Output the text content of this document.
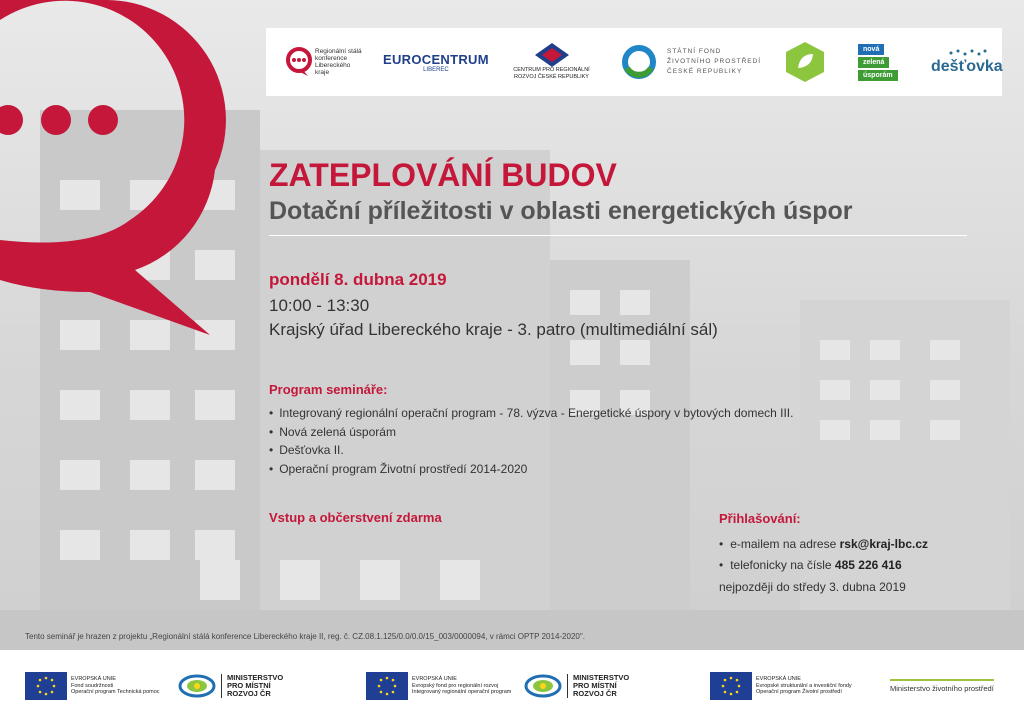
Regionální stálá konference Libereckého kraje
EUROCENTRUM
LIBEREC	CENTRUM PRO REGIONÁLNÍ ROZVOJ ČESKÉ REPUBLIKY
STÁTNÍ FOND
ŽIVOTNÍHO PROSTŘEDÍ
ČESKÉ REPUBLIKY
nová
zelená
úsporám	dešťovka
ZATEPLOVÁNÍ BUDOV
Dotační příležitosti v oblasti energetických úspor
pondělí 8. dubna 2019
10:00 - 13:30
Krajský úřad Libereckého kraje - 3. patro (multimediální sál)
Program semináře:
• Integrovaný regionální operační program - 78. výzva - Energetické úspory v bytových domech III.
• Nová zelená úsporám
• Dešťovka II.
• Operační program Životní prostředí 2014-2020
Vstup a občerstvení zdarma	Přihlašování:
• e-mailem na adrese rsk@kraj-lbc.cz
• telefonicky na čísle 485 226 416
nejpozději do středy 3. dubna 2019
Tento seminář je hrazen z projektu „Regionální stálá konference Libereckého kraje II, reg. č. CZ.08.1.125/0.0/0.0/15_003/0000094, v rámci OPTP 2014-2020".
EVROPSKÁ UNIE
Fond soudržnosti
Operační program Technická pomoc
MINISTERSTVO
PRO MÍSTNÍ
ROZVOJ ČR
EVROPSKÁ UNIE
Evropský fond pro regionální rozvoj
Integrovaný regionální operační program
MINISTERSTVO
PRO MÍSTNÍ
ROZVOJ ČR
EVROPSKÁ UNIE
Evropské strukturální a investiční fondy
Operační program Životní prostředí	Ministerstvo životního prostředí
